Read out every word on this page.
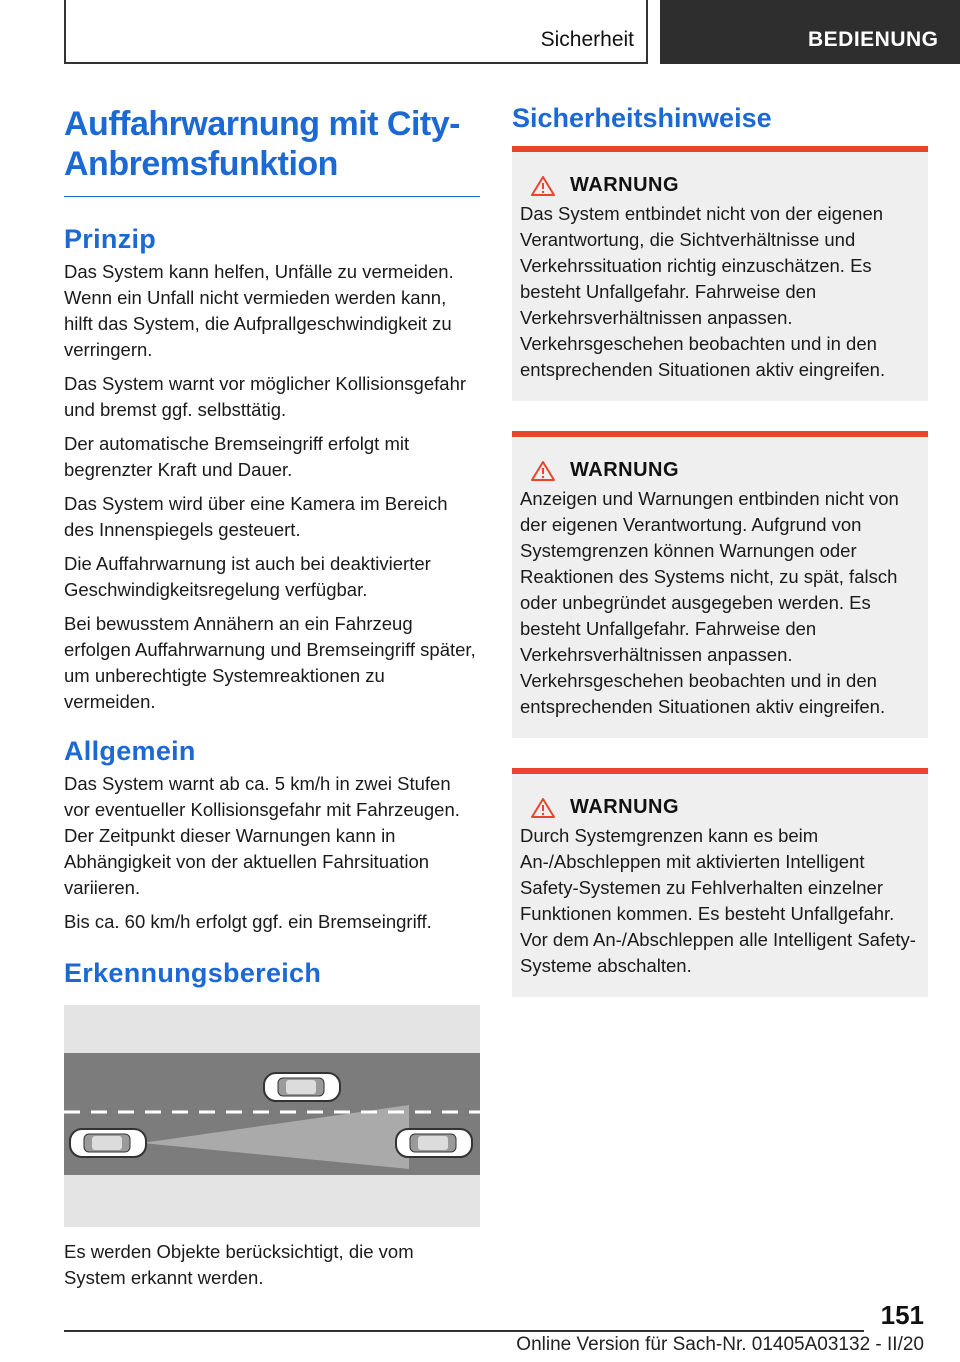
Sicherheit	BEDIENUNG
Auffahrwarnung mit City-Anbremsfunktion
Prinzip

Das System kann helfen, Unfälle zu vermeiden. Wenn ein Unfall nicht vermieden werden kann, hilft das System, die Aufprallgeschwindigkeit zu verringern.

Das System warnt vor möglicher Kollisionsgefahr und bremst ggf. selbsttätig.

Der automatische Bremseingriff erfolgt mit begrenzter Kraft und Dauer.

Das System wird über eine Kamera im Bereich des Innenspiegels gesteuert.

Die Auffahrwarnung ist auch bei deaktivierter Geschwindigkeitsregelung verfügbar.

Bei bewusstem Annähern an ein Fahrzeug erfolgen Auffahrwarnung und Bremseingriff später, um unberechtigte Systemreaktionen zu vermeiden.

Allgemein

Das System warnt ab ca. 5 km/h in zwei Stufen vor eventueller Kollisionsgefahr mit Fahrzeugen. Der Zeitpunkt dieser Warnungen kann in Abhängigkeit von der aktuellen Fahrsituation variieren.

Bis ca. 60 km/h erfolgt ggf. ein Bremseingriff.

Erkennungsbereich

Es werden Objekte berücksichtigt, die vom System erkannt werden.

Sicherheitshinweise
WARNUNG

Das System entbindet nicht von der eigenen Verantwortung, die Sichtverhältnisse und Verkehrssituation richtig einzuschätzen. Es besteht Unfallgefahr. Fahrweise den Verkehrsverhältnissen anpassen. Verkehrsgeschehen beobachten und in den entsprechenden Situationen aktiv eingreifen.

WARNUNG

Anzeigen und Warnungen entbinden nicht von der eigenen Verantwortung. Aufgrund von Systemgrenzen können Warnungen oder Reaktionen des Systems nicht, zu spät, falsch oder unbegründet ausgegeben werden. Es besteht Unfallgefahr. Fahrweise den Verkehrsverhältnissen anpassen. Verkehrsgeschehen beobachten und in den entsprechenden Situationen aktiv eingreifen.

WARNUNG

Durch Systemgrenzen kann es beim An-/Abschleppen mit aktivierten Intelligent Safety-Systemen zu Fehlverhalten einzelner Funktionen kommen. Es besteht Unfallgefahr. Vor dem An-/Abschleppen alle Intelligent Safety-Systeme abschalten.

151
Online Version für Sach-Nr. 01405A03132 - II/20
